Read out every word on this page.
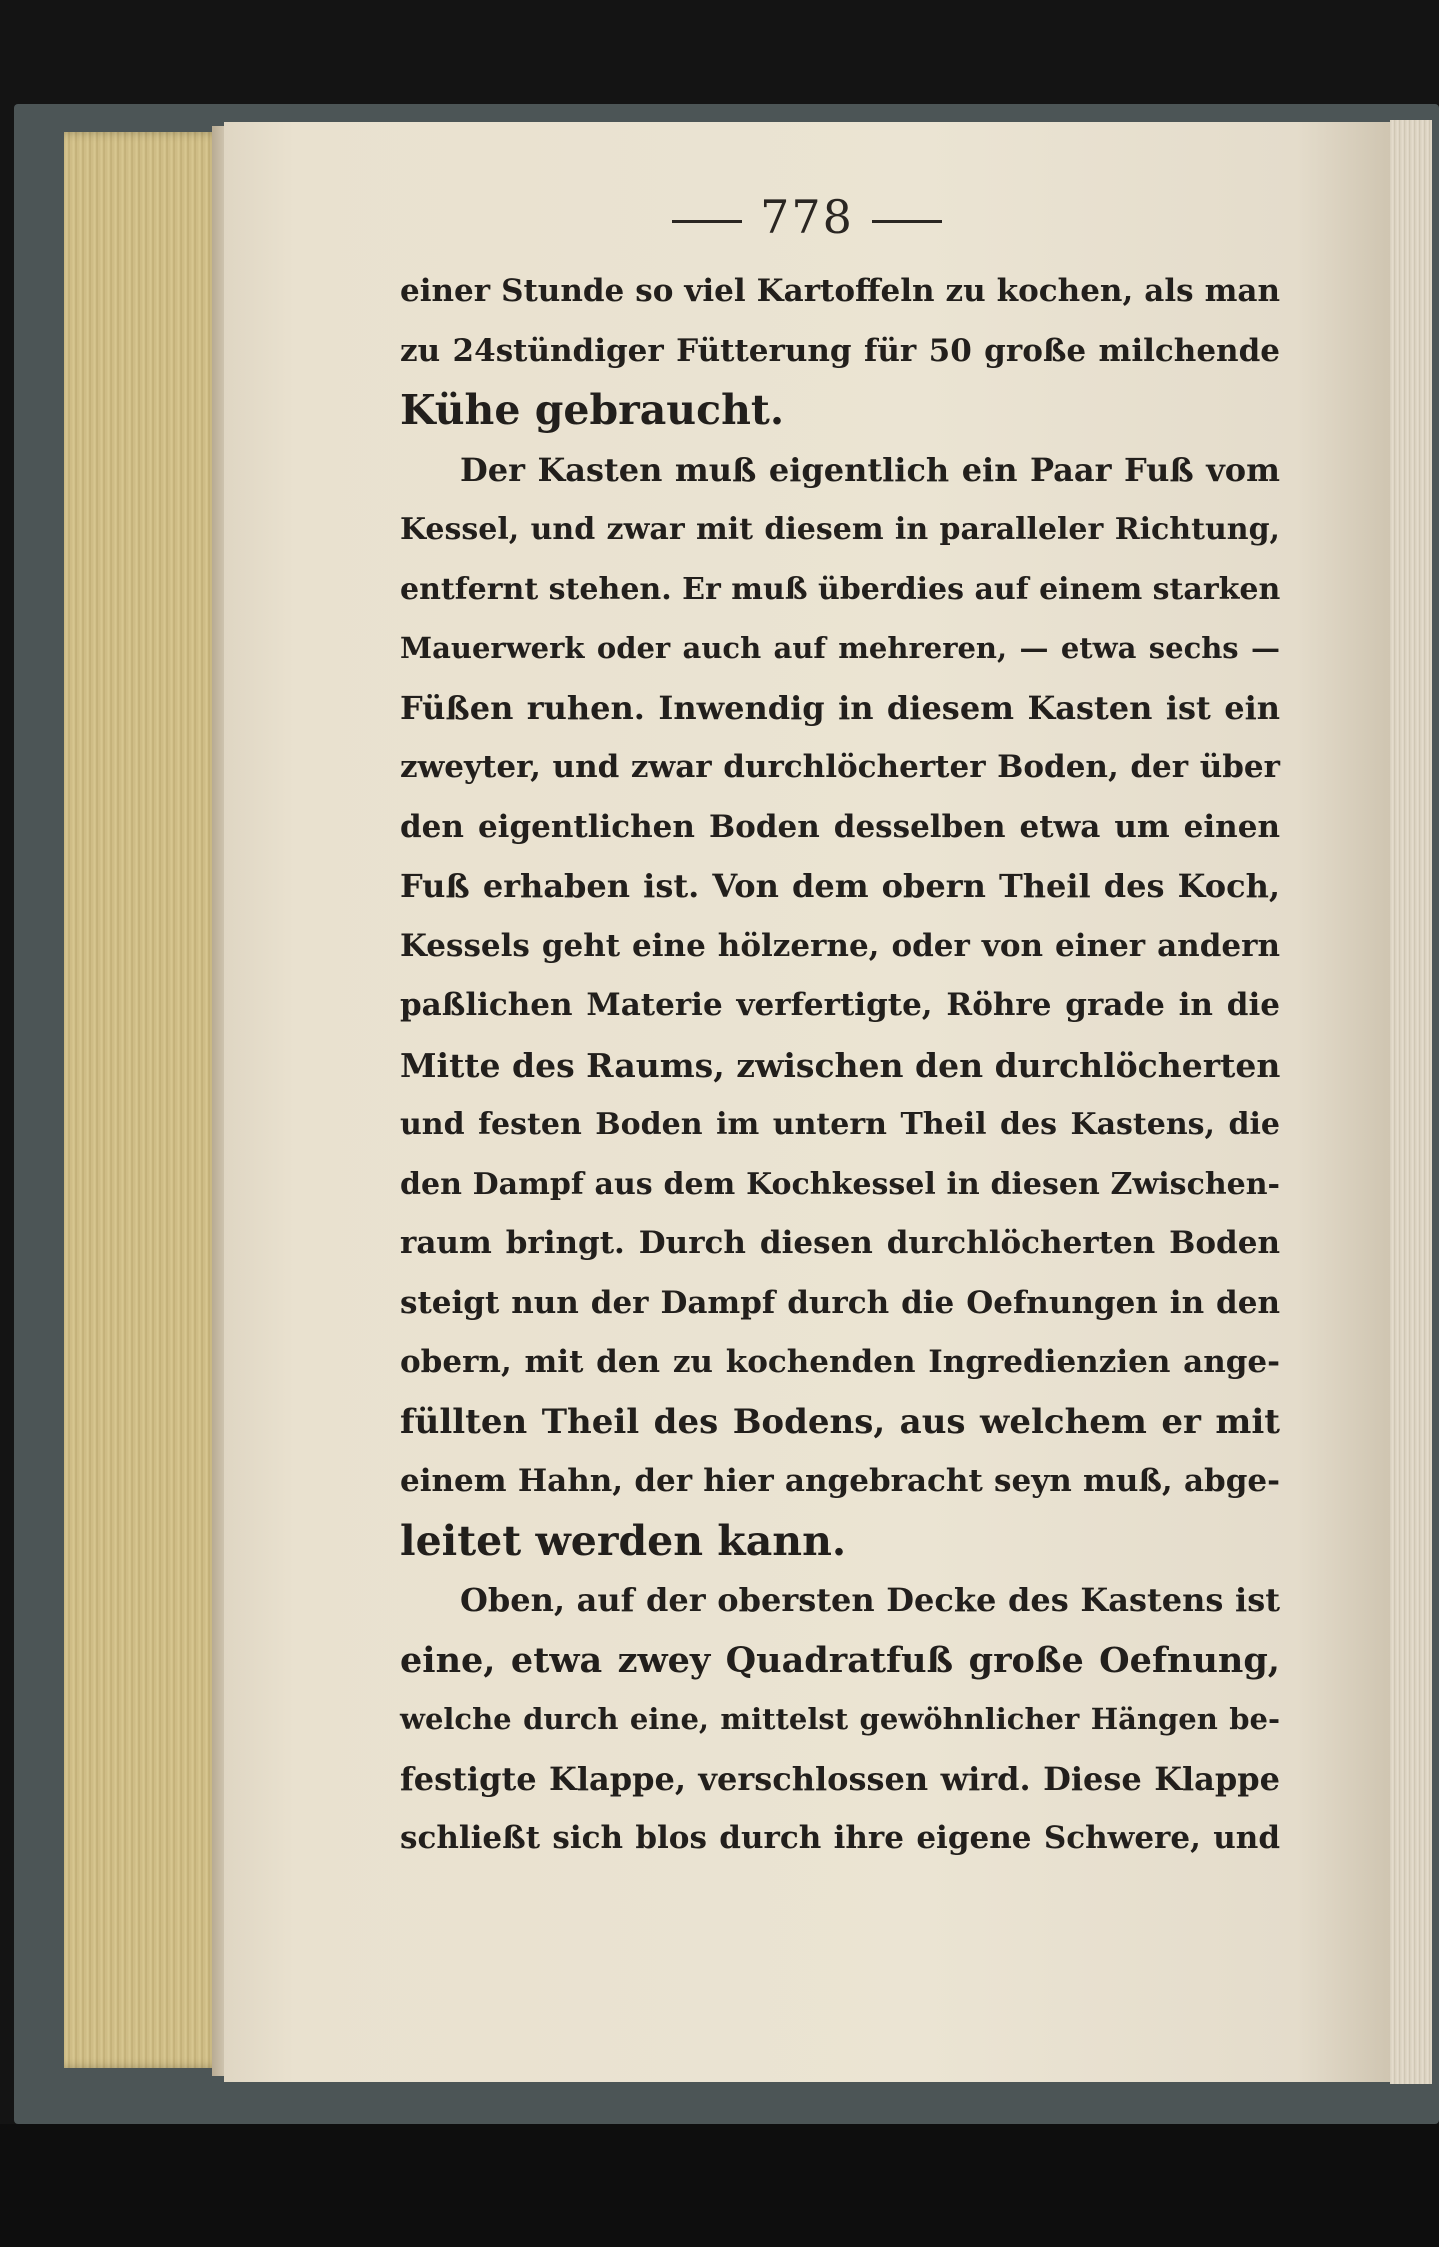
778
einer Stunde so viel Kartoffeln zu kochen, als man
zu 24stündiger Fütterung für 50 große milchende
Kühe gebraucht.
Der Kasten muß eigentlich ein Paar Fuß vom
Kessel, und zwar mit diesem in paralleler Richtung,
entfernt stehen. Er muß überdies auf einem starken
Mauerwerk oder auch auf mehreren, — etwa sechs —
Füßen ruhen. Inwendig in diesem Kasten ist ein
zweyter, und zwar durchlöcherter Boden, der über
den eigentlichen Boden desselben etwa um einen
Fuß erhaben ist. Von dem obern Theil des Koch,
Kessels geht eine hölzerne, oder von einer andern
paßlichen Materie verfertigte, Röhre grade in die
Mitte des Raums, zwischen den durchlöcherten
und festen Boden im untern Theil des Kastens, die
den Dampf aus dem Kochkessel in diesen Zwischen-
raum bringt. Durch diesen durchlöcherten Boden
steigt nun der Dampf durch die Oefnungen in den
obern, mit den zu kochenden Ingredienzien ange-
füllten Theil des Bodens, aus welchem er mit
einem Hahn, der hier angebracht seyn muß, abge-
leitet werden kann.
Oben, auf der obersten Decke des Kastens ist
eine, etwa zwey Quadratfuß große Oefnung,
welche durch eine, mittelst gewöhnlicher Hängen be-
festigte Klappe, verschlossen wird. Diese Klappe
schließt sich blos durch ihre eigene Schwere, und
